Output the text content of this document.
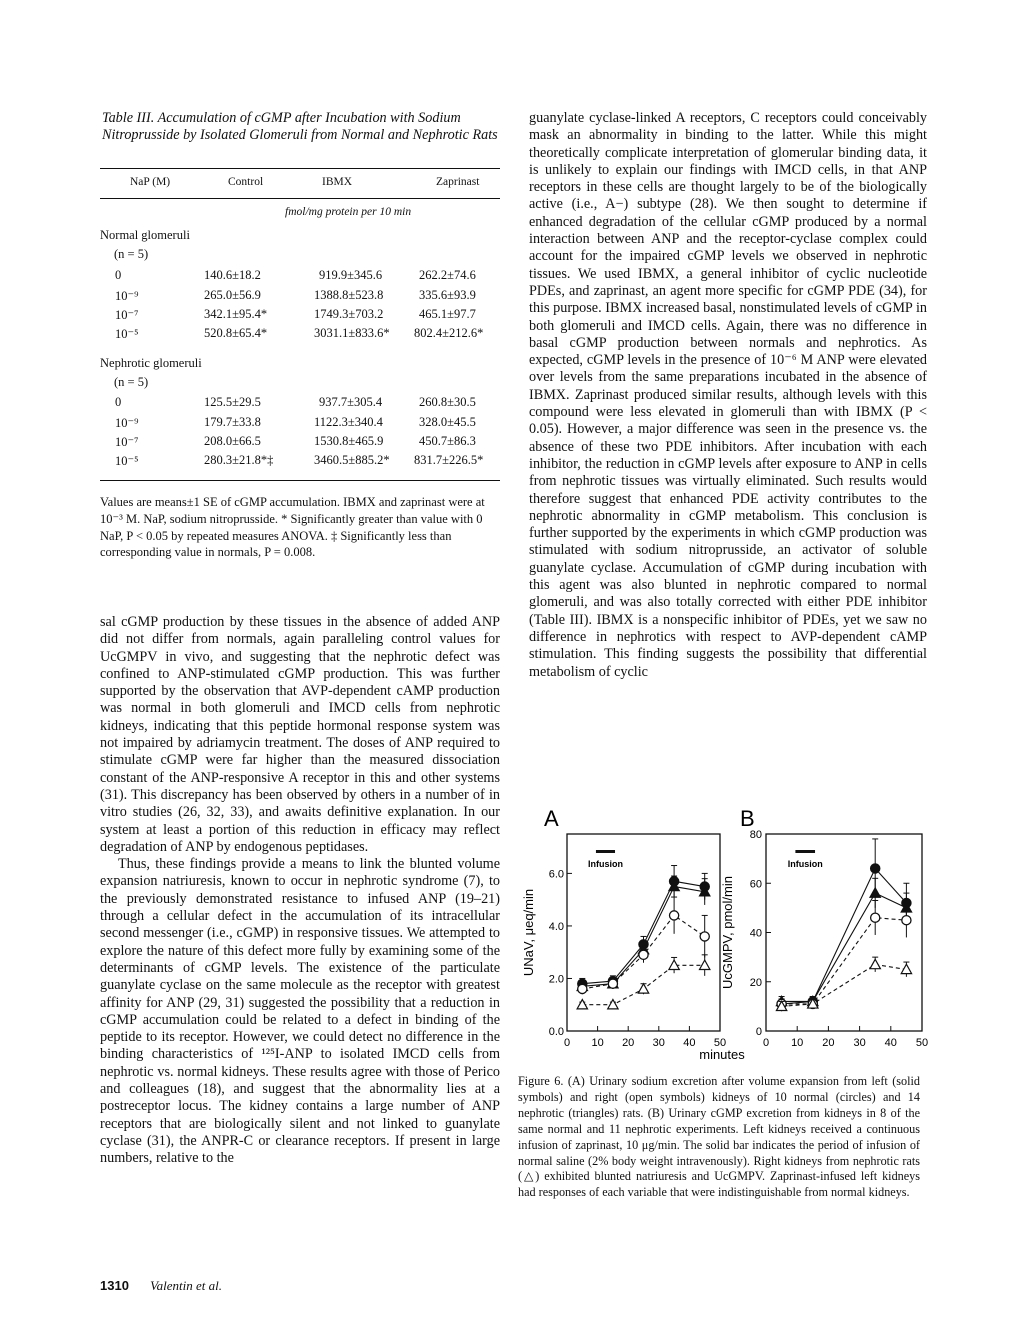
Table III. Accumulation of cGMP after Incubation with Sodium Nitroprusside by Isolated Glomeruli from Normal and Nephrotic Rats
NaP (M)	Control	IBMX	Zaprinast
fmol/mg protein per 10 min
Normal glomeruli
(n = 5)
0	140.6±18.2	919.9±345.6	262.2±74.6
10⁻⁹	265.0±56.9	1388.8±523.8	335.6±93.9
10⁻⁷	342.1±95.4*	1749.3±703.2	465.1±97.7
10⁻⁵	520.8±65.4*	3031.1±833.6* 802.4±212.6*
Nephrotic glomeruli
(n = 5)
0	125.5±29.5	937.7±305.4	260.8±30.5
10⁻⁹	179.7±33.8	1122.3±340.4	328.0±45.5
10⁻⁷	208.0±66.5	1530.8±465.9	450.7±86.3
10⁻⁵	280.3±21.8*‡	3460.5±885.2* 831.7±226.5*
Values are means±1 SE of cGMP accumulation. IBMX and zaprinast were at 10⁻³ M. NaP, sodium nitroprusside. * Significantly greater than value with 0 NaP, P < 0.05 by repeated measures ANOVA. ‡ Significantly less than corresponding value in normals, P = 0.008.

sal cGMP production by these tissues in the absence of added ANP did not differ from normals, again paralleling control values for UcGMPV in vivo, and suggesting that the nephrotic defect was confined to ANP-stimulated cGMP production. This was further supported by the observation that AVP-dependent cAMP production was normal in both glomeruli and IMCD cells from nephrotic kidneys, indicating that this peptide hormonal response system was not impaired by adriamycin treatment. The doses of ANP required to stimulate cGMP were far higher than the measured dissociation constant of the ANP-responsive A receptor in this and other systems (31). This discrepancy has been observed by others in a number of in vitro studies (26, 32, 33), and awaits definitive explanation. In our system at least a portion of this reduction in efficacy may reflect degradation of ANP by endogenous peptidases.

Thus, these findings provide a means to link the blunted volume expansion natriuresis, known to occur in nephrotic syndrome (7), to the previously demonstrated resistance to infused ANP (19–21) through a cellular defect in the accumulation of its intracellular second messenger (i.e., cGMP) in responsive tissues. We attempted to explore the nature of this defect more fully by examining some of the determinants of cGMP levels. The existence of the particulate guanylate cyclase on the same molecule as the receptor with greatest affinity for ANP (29, 31) suggested the possibility that a reduction in cGMP accumulation could be related to a defect in binding of the peptide to its receptor. However, we could detect no difference in the binding characteristics of ¹²⁵I-ANP to isolated IMCD cells from nephrotic vs. normal kidneys. These results agree with those of Perico and colleagues (18), and suggest that the abnormality lies at a postreceptor locus. The kidney contains a large number of ANP receptors that are biologically silent and not linked to guanylate cyclase (31), the ANPR-C or clearance receptors. If present in large numbers, relative to the

guanylate cyclase-linked A receptors, C receptors could conceivably mask an abnormality in binding to the latter. While this might theoretically complicate interpretation of glomerular binding data, it is unlikely to explain our findings with IMCD cells, in that ANP receptors in these cells are thought largely to be of the biologically active (i.e., A−) subtype (28). We then sought to determine if enhanced degradation of the cellular cGMP produced by a normal interaction between ANP and the receptor-cyclase complex could account for the impaired cGMP levels we observed in nephrotic tissues. We used IBMX, a general inhibitor of cyclic nucleotide PDEs, and zaprinast, an agent more specific for cGMP PDE (34), for this purpose. IBMX increased basal, nonstimulated levels of cGMP in both glomeruli and IMCD cells. Again, there was no difference in basal cGMP production between normals and nephrotics. As expected, cGMP levels in the presence of 10⁻⁶ M ANP were elevated over levels from the same preparations incubated in the absence of IBMX. Zaprinast produced similar results, although levels with this compound were less elevated in glomeruli than with IBMX (P < 0.05). However, a major difference was seen in the presence vs. the absence of these two PDE inhibitors. After incubation with each inhibitor, the reduction in cGMP levels after exposure to ANP in cells from nephrotic tissues was virtually eliminated. Such results would therefore suggest that enhanced PDE activity contributes to the nephrotic abnormality in cGMP metabolism. This conclusion is further supported by the experiments in which cGMP production was stimulated with sodium nitroprusside, an activator of soluble guanylate cyclase. Accumulation of cGMP during incubation with this agent was also blunted in nephrotic compared to normal glomeruli, and was also totally corrected with either PDE inhibitor (Table III). IBMX is a nonspecific inhibitor of PDEs, yet we saw no difference in nephrotics with respect to AVP-dependent cAMP stimulation. This finding suggests the possibility that differential metabolism of cyclic

A	B
0 10 20 30 40 50
0.0
2.0
4.0
6.0
UNaV, μeq/min
Infusion
0 10 20 30 40 50
0
20
40
60
80
UcGMPV, pmol/min
Infusion
minutes
Figure 6. (A) Urinary sodium excretion after volume expansion from left (solid symbols) and right (open symbols) kidneys of 10 normal (circles) and 14 nephrotic (triangles) rats. (B) Urinary cGMP excretion from kidneys in 8 of the same normal and 11 nephrotic experiments. Left kidneys received a continuous infusion of zaprinast, 10 μg/min. The solid bar indicates the period of infusion of normal saline (2% body weight intravenously). Right kidneys from nephrotic rats (△) exhibited blunted natriuresis and UcGMPV. Zaprinast-infused left kidneys had responses of each variable that were indistinguishable from normal kidneys.
1310 Valentin et al.
